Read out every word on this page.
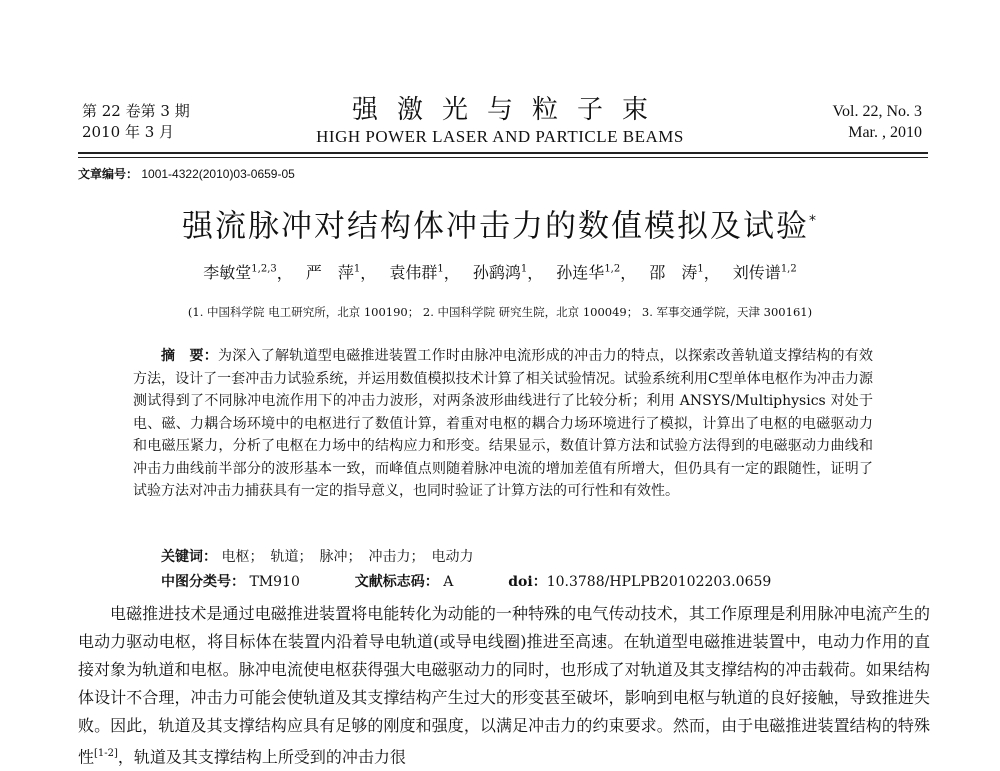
第 22 卷第 3 期
2010 年 3 月
强激光与粒子束
HIGH POWER LASER AND PARTICLE BEAMS
Vol. 22, No. 3
Mar. , 2010
文章编号： 1001-4322(2010)03-0659-05
强流脉冲对结构体冲击力的数值模拟及试验*
李敏堂$^{1,2,3}$，　 严　萍$^1$，　 袁伟群$^1$，　 孙鹞鸿$^1$，　 孙连华$^{1,2}$，　 邵　涛$^1$，　 刘传谱$^{1,2}$
(1. 中国科学院 电工研究所，北京 100190； 2. 中国科学院 研究生院，北京 100049； 3. 军事交通学院，天津 300161)
摘　要：为深入了解轨道型电磁推进装置工作时由脉冲电流形成的冲击力的特点，以探索改善轨道支撑结构的有效方法，设计了一套冲击力试验系统，并运用数值模拟技术计算了相关试验情况。试验系统利用C型单体电枢作为冲击力源测试得到了不同脉冲电流作用下的冲击力波形，对两条波形曲线进行了比较分析；利用 ANSYS/Multiphysics 对处于电、磁、力耦合场环境中的电枢进行了数值计算，着重对电枢的耦合力场环境进行了模拟，计算出了电枢的电磁驱动力和电磁压紧力，分析了电枢在力场中的结构应力和形变。结果显示，数值计算方法和试验方法得到的电磁驱动力曲线和冲击力曲线前半部分的波形基本一致，而峰值点则随着脉冲电流的增加差值有所增大，但仍具有一定的跟随性，证明了试验方法对冲击力捕获具有一定的指导意义，也同时验证了计算方法的可行性和有效性。
关键词： 电枢；　轨道；　脉冲；　冲击力；　电动力
中图分类号： TM910	文献标志码： A	doi：10.3788/HPLPB20102203.0659

电磁推进技术是通过电磁推进装置将电能转化为动能的一种特殊的电气传动技术，其工作原理是利用脉冲电流产生的电动力驱动电枢，将目标体在装置内沿着导电轨道(或导电线圈)推进至高速。在轨道型电磁推进装置中，电动力作用的直接对象为轨道和电枢。脉冲电流使电枢获得强大电磁驱动力的同时，也形成了对轨道及其支撑结构的冲击载荷。如果结构体设计不合理，冲击力可能会使轨道及其支撑结构产生过大的形变甚至破坏，影响到电枢与轨道的良好接触，导致推进失败。因此，轨道及其支撑结构应具有足够的刚度和强度，以满足冲击力的约束要求。然而，由于电磁推进装置结构的特殊性[1-2]，轨道及其支撑结构上所受到的冲击力很
